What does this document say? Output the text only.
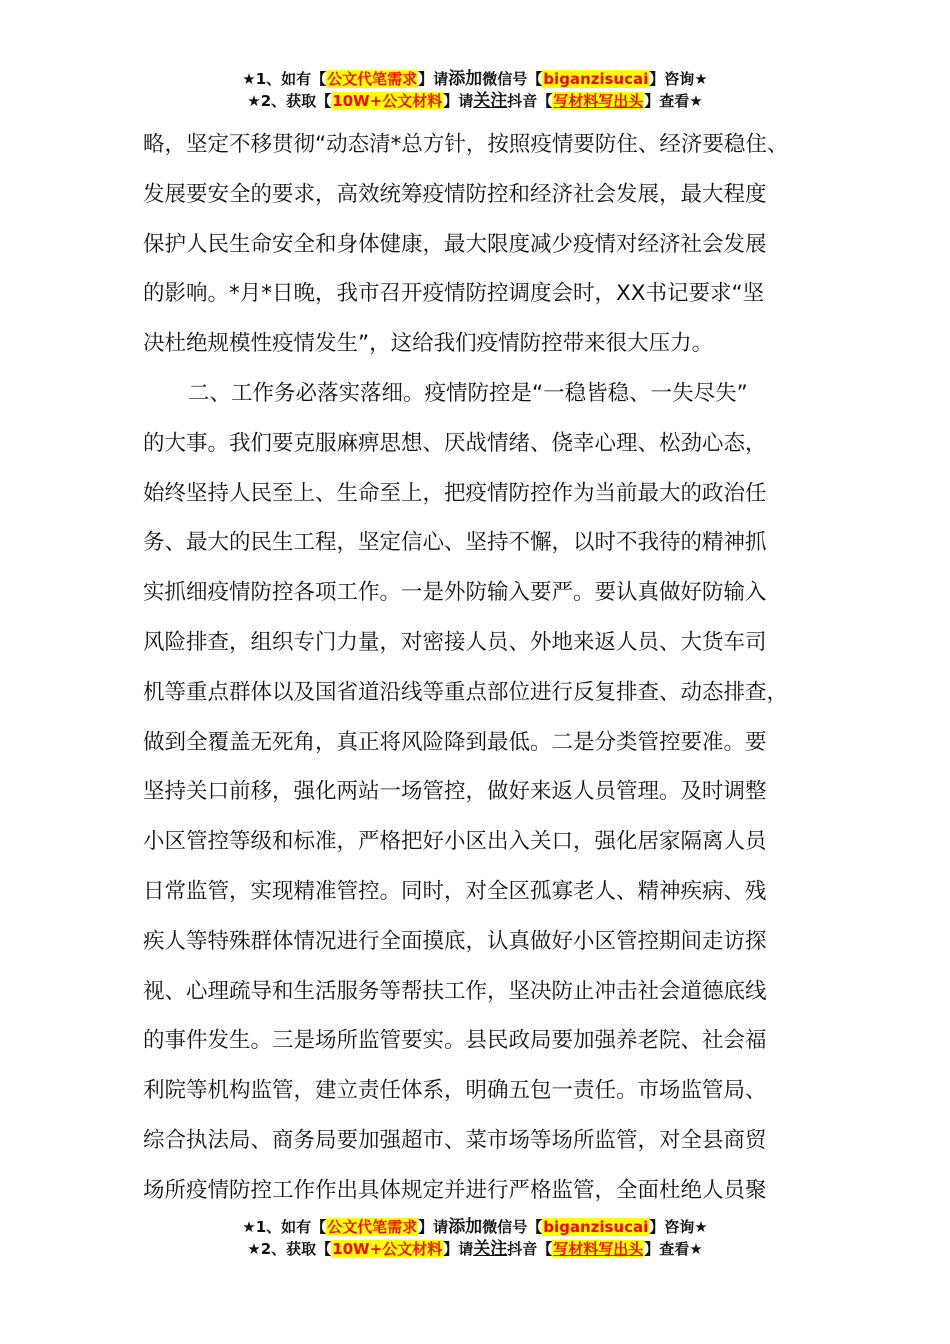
★1、如有【公文代笔需求】请添加微信号【biganzisucai】咨询★
★2、获取【10W+公文材料】请关注抖音【写材料写出头】查看★
略，坚定不移贯彻“动态清*总方针，按照疫情要防住、经济要稳住、
发展要安全的要求，高效统筹疫情防控和经济社会发展，最大程度
保护人民生命安全和身体健康，最大限度减少疫情对经济社会发展
的影响。*月*日晚，我市召开疫情防控调度会时，XX书记要求“坚
决杜绝规模性疫情发生”，这给我们疫情防控带来很大压力。
二、工作务必落实落细。疫情防控是“一稳皆稳、一失尽失”
的大事。我们要克服麻痹思想、厌战情绪、侥幸心理、松劲心态，
始终坚持人民至上、生命至上，把疫情防控作为当前最大的政治任
务、最大的民生工程，坚定信心、坚持不懈，以时不我待的精神抓
实抓细疫情防控各项工作。一是外防输入要严。要认真做好防输入
风险排查，组织专门力量，对密接人员、外地来返人员、大货车司
机等重点群体以及国省道沿线等重点部位进行反复排查、动态排查，
做到全覆盖无死角，真正将风险降到最低。二是分类管控要准。要
坚持关口前移，强化两站一场管控，做好来返人员管理。及时调整
小区管控等级和标准，严格把好小区出入关口，强化居家隔离人员
日常监管，实现精准管控。同时，对全区孤寡老人、精神疾病、残
疾人等特殊群体情况进行全面摸底，认真做好小区管控期间走访探
视、心理疏导和生活服务等帮扶工作，坚决防止冲击社会道德底线
的事件发生。三是场所监管要实。县民政局要加强养老院、社会福
利院等机构监管，建立责任体系，明确五包一责任。市场监管局、
综合执法局、商务局要加强超市、菜市场等场所监管，对全县商贸
场所疫情防控工作作出具体规定并进行严格监管，全面杜绝人员聚
★1、如有【公文代笔需求】请添加微信号【biganzisucai】咨询★
★2、获取【10W+公文材料】请关注抖音【写材料写出头】查看★
